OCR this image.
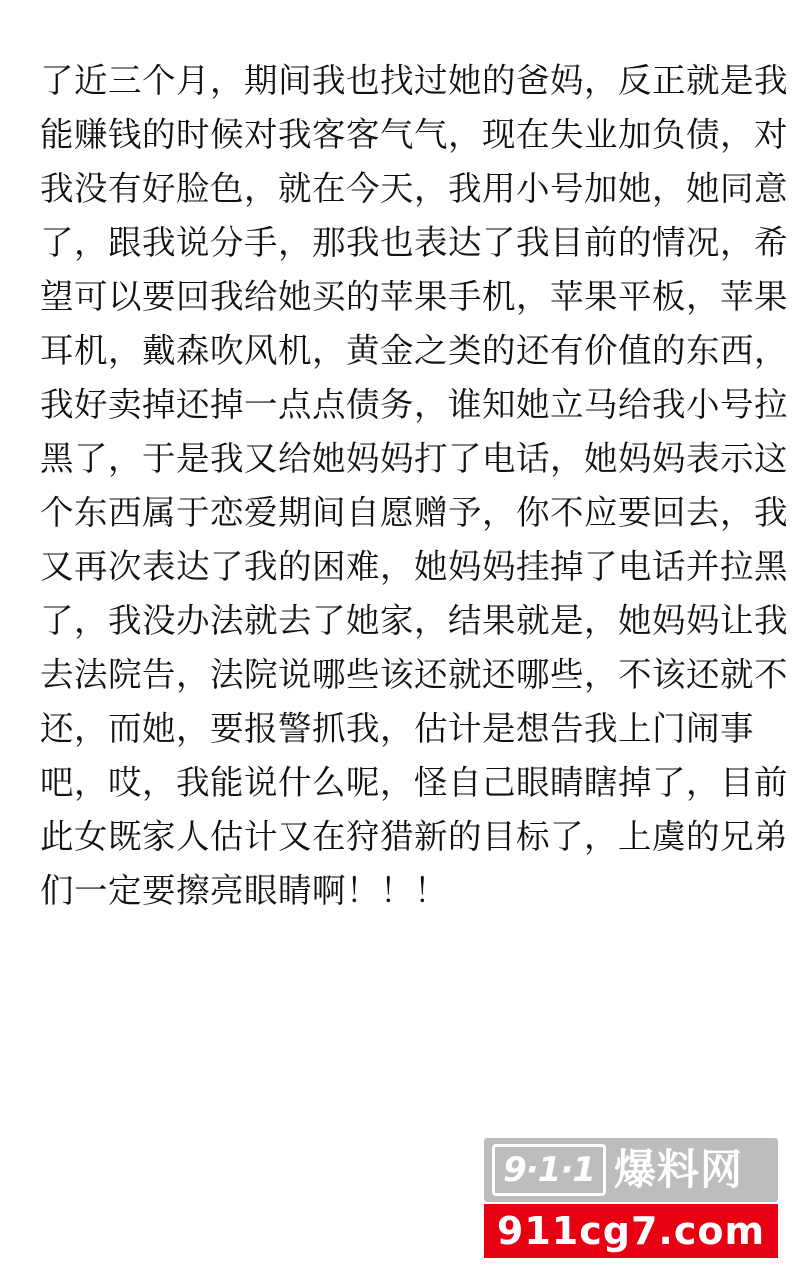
了近三个月，期间我也找过她的爸妈，反正就是我
能赚钱的时候对我客客气气，现在失业加负债，对
我没有好脸色，就在今天，我用小号加她，她同意
了，跟我说分手，那我也表达了我目前的情况，希
望可以要回我给她买的苹果手机，苹果平板，苹果
耳机，戴森吹风机，黄金之类的还有价值的东西，
我好卖掉还掉一点点债务，谁知她立马给我小号拉
黑了，于是我又给她妈妈打了电话，她妈妈表示这
个东西属于恋爱期间自愿赠予，你不应要回去，我
又再次表达了我的困难，她妈妈挂掉了电话并拉黑
了，我没办法就去了她家，结果就是，她妈妈让我
去法院告，法院说哪些该还就还哪些，不该还就不
还，而她，要报警抓我，估计是想告我上门闹事
吧，哎，我能说什么呢，怪自己眼睛瞎掉了，目前
此女既家人估计又在狩猎新的目标了，上虞的兄弟
们一定要擦亮眼睛啊！！！
9·1·1 爆料网
911cg7.com
